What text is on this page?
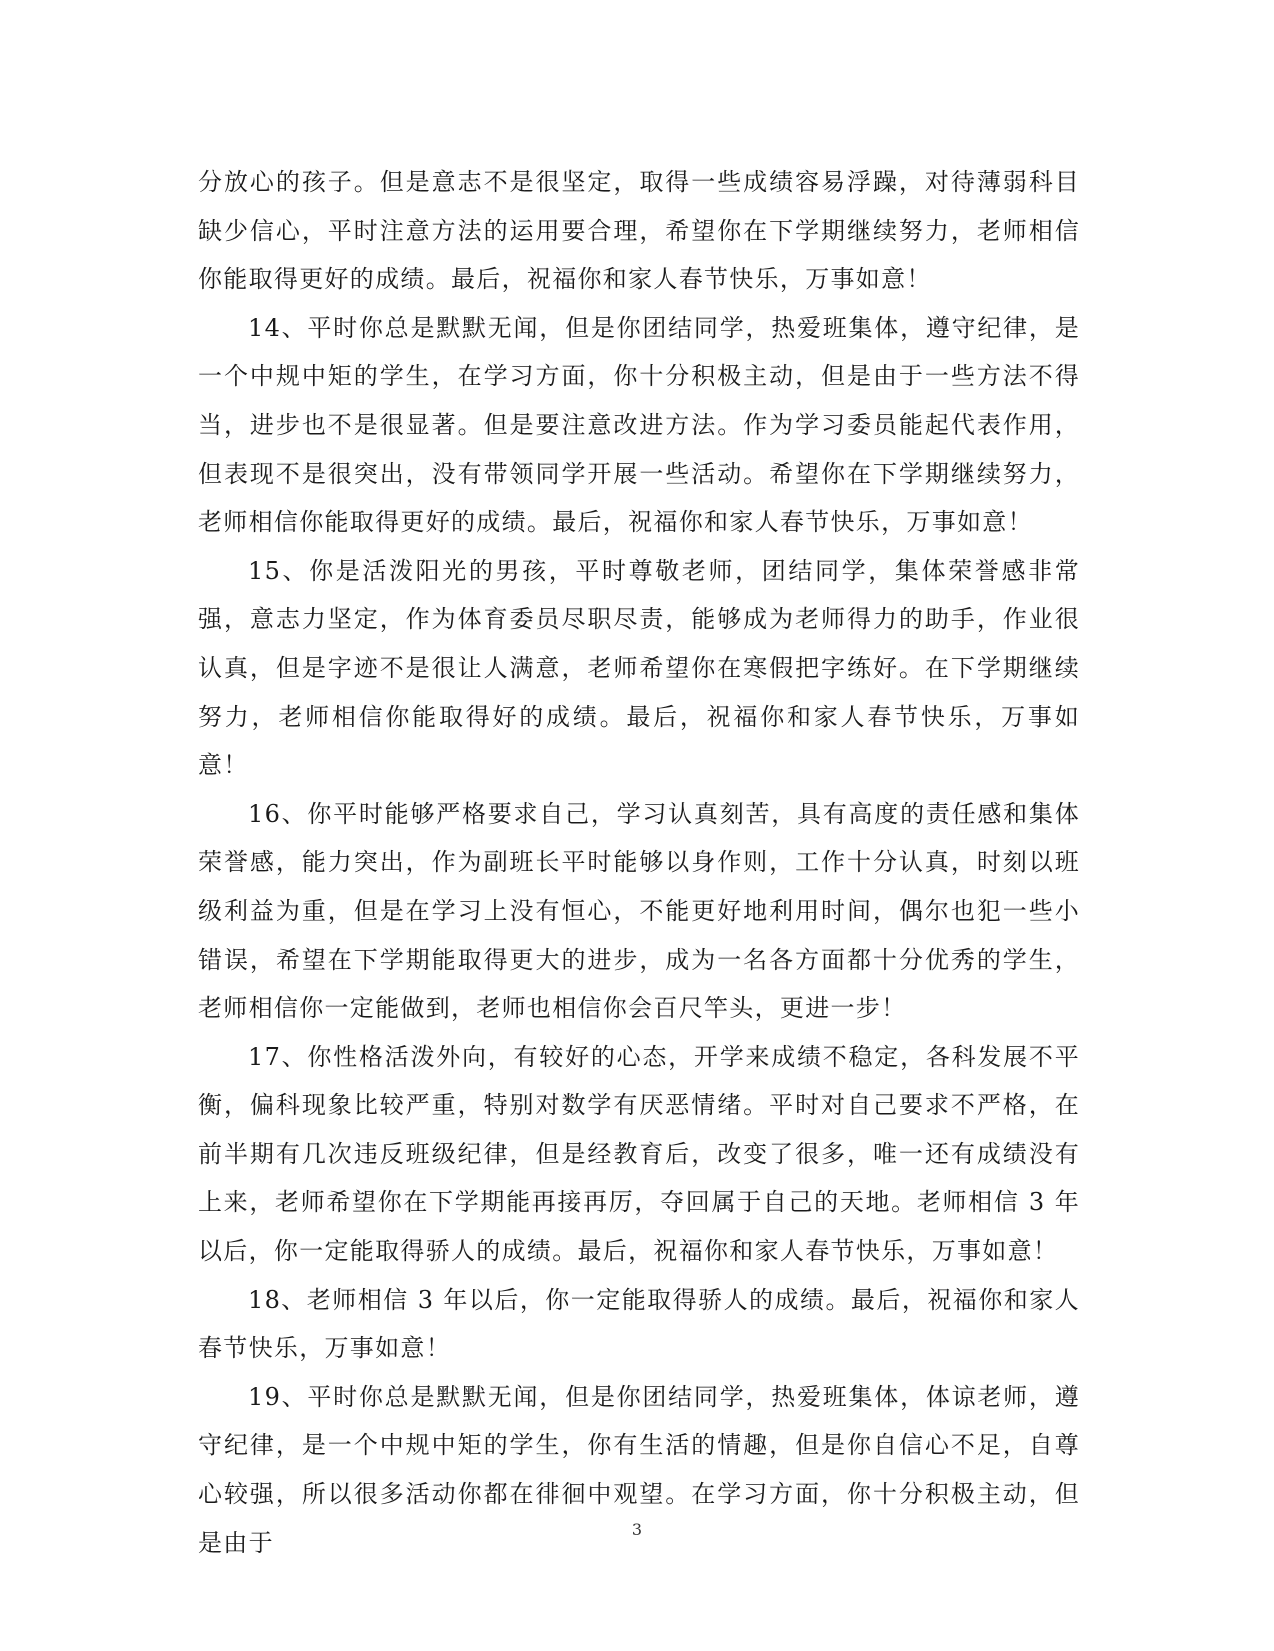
分放心的孩子。但是意志不是很坚定，取得一些成绩容易浮躁，对待薄弱科目缺少信心，平时注意方法的运用要合理，希望你在下学期继续努力，老师相信你能取得更好的成绩。最后，祝福你和家人春节快乐，万事如意！

14、平时你总是默默无闻，但是你团结同学，热爱班集体，遵守纪律，是一个中规中矩的学生，在学习方面，你十分积极主动，但是由于一些方法不得当，进步也不是很显著。但是要注意改进方法。作为学习委员能起代表作用，但表现不是很突出，没有带领同学开展一些活动。希望你在下学期继续努力，老师相信你能取得更好的成绩。最后，祝福你和家人春节快乐，万事如意！

15、你是活泼阳光的男孩，平时尊敬老师，团结同学，集体荣誉感非常强，意志力坚定，作为体育委员尽职尽责，能够成为老师得力的助手，作业很认真，但是字迹不是很让人满意，老师希望你在寒假把字练好。在下学期继续努力，老师相信你能取得好的成绩。最后，祝福你和家人春节快乐，万事如意！

16、你平时能够严格要求自己，学习认真刻苦，具有高度的责任感和集体荣誉感，能力突出，作为副班长平时能够以身作则，工作十分认真，时刻以班级利益为重，但是在学习上没有恒心，不能更好地利用时间，偶尔也犯一些小错误，希望在下学期能取得更大的进步，成为一名各方面都十分优秀的学生，老师相信你一定能做到，老师也相信你会百尺竿头，更进一步！

17、你性格活泼外向，有较好的心态，开学来成绩不稳定，各科发展不平衡，偏科现象比较严重，特别对数学有厌恶情绪。平时对自己要求不严格，在前半期有几次违反班级纪律，但是经教育后，改变了很多，唯一还有成绩没有上来，老师希望你在下学期能再接再厉，夺回属于自己的天地。老师相信 3 年以后，你一定能取得骄人的成绩。最后，祝福你和家人春节快乐，万事如意！

18、老师相信 3 年以后，你一定能取得骄人的成绩。最后，祝福你和家人春节快乐，万事如意！

19、平时你总是默默无闻，但是你团结同学，热爱班集体，体谅老师，遵守纪律，是一个中规中矩的学生，你有生活的情趣，但是你自信心不足，自尊心较强，所以很多活动你都在徘徊中观望。在学习方面，你十分积极主动，但是由于	3
